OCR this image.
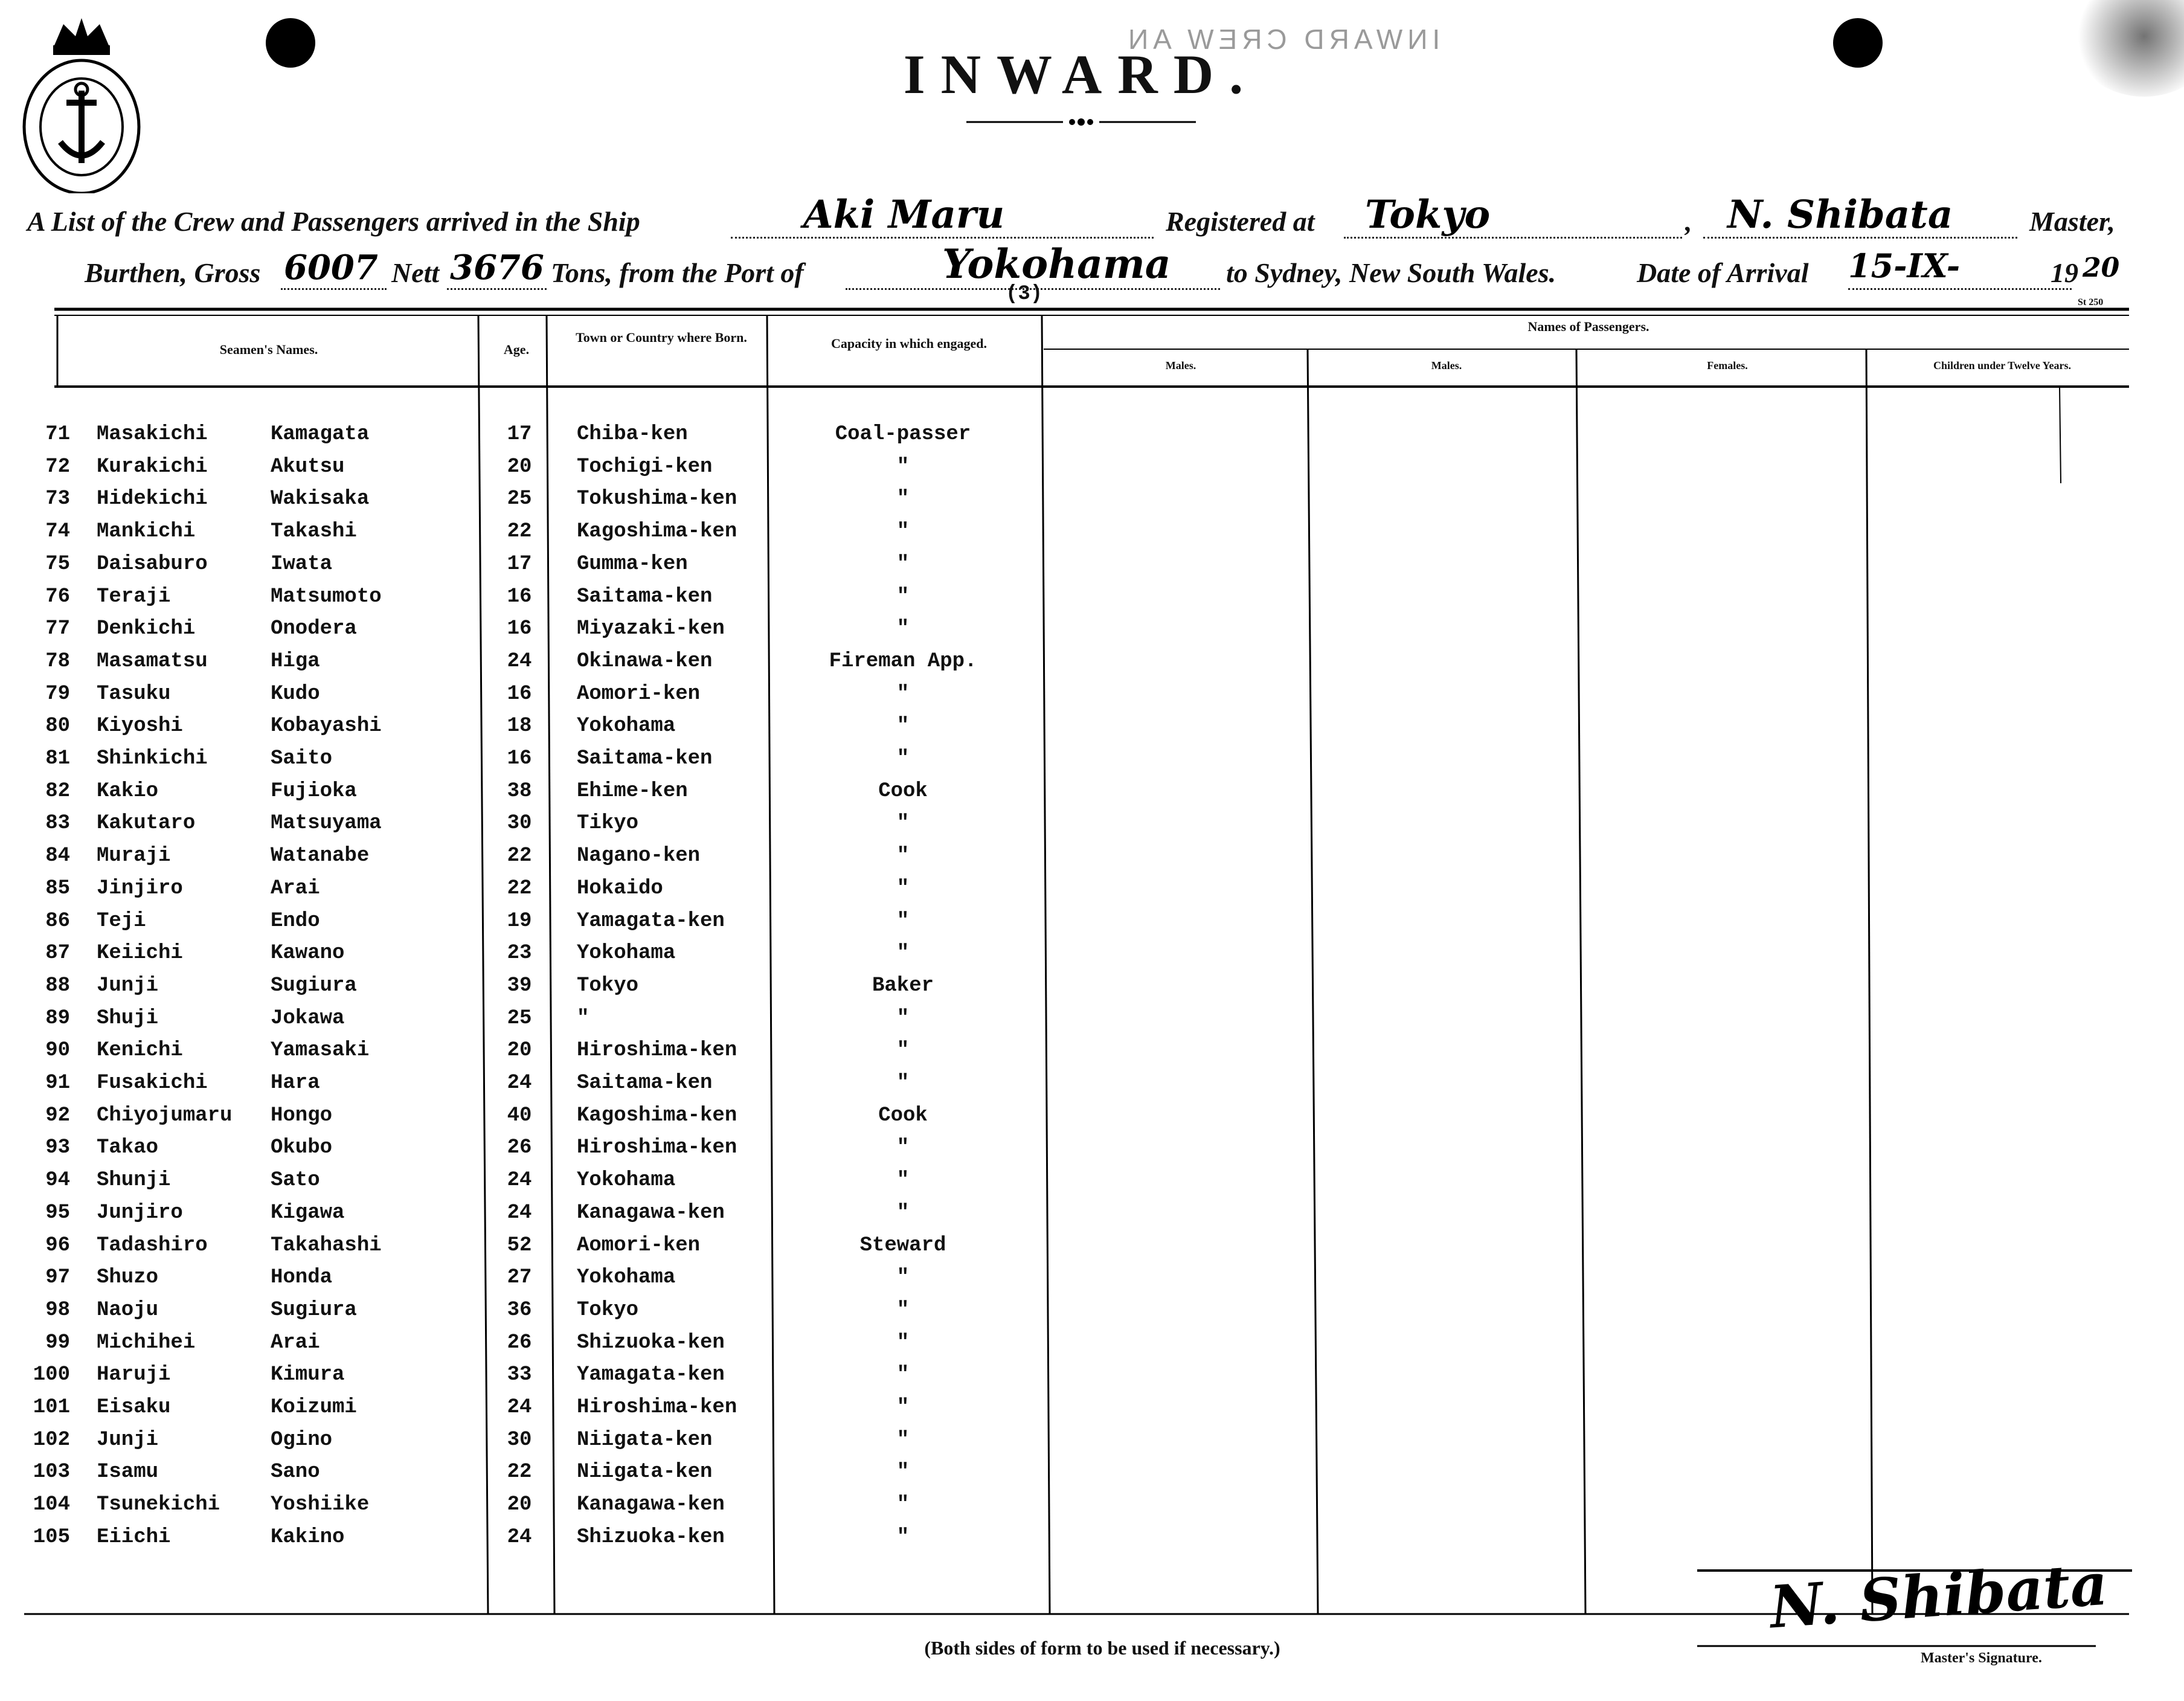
INWARD CREW AN
INWARD.
A List of the Crew and Passengers arrived in the Ship	Aki Maru	Registered at Tokyo	, N. Shibata	Master,
Burthen, Gross 6007 Nett 3676 Tons, from the Port of	Yokohama
(3)
to Sydney, New South Wales.	Date of Arrival 15-IX-	19 20
St 250
Seamen's Names.	Age.
Town or Country where Born.	Capacity in which engaged.
Names of Passengers.
Males.	Males.	Females.	Children under Twelve Years.
71 Masakichi	Kamagata	17	Chiba-ken	Coal-passer
72 Kurakichi	Akutsu	20	Tochigi-ken	"
73 Hidekichi	Wakisaka	25	Tokushima-ken	"
74 Mankichi	Takashi	22	Kagoshima-ken	"
75 Daisaburo	Iwata	17	Gumma-ken	"
76 Teraji	Matsumoto	16	Saitama-ken	"
77 Denkichi	Onodera	16	Miyazaki-ken	"
78 Masamatsu	Higa	24	Okinawa-ken	Fireman App.
79 Tasuku	Kudo	16	Aomori-ken	"
80 Kiyoshi	Kobayashi	18	Yokohama	"
81 Shinkichi	Saito	16	Saitama-ken	"
82 Kakio	Fujioka	38	Ehime-ken	Cook
83 Kakutaro	Matsuyama	30	Tikyo	"
84 Muraji	Watanabe	22	Nagano-ken	"
85 Jinjiro	Arai	22	Hokaido	"
86 Teji	Endo	19	Yamagata-ken	"
87 Keiichi	Kawano	23	Yokohama	"
88 Junji	Sugiura	39	Tokyo	Baker
89 Shuji	Jokawa	25	"	"
90 Kenichi	Yamasaki	20	Hiroshima-ken	"
91 Fusakichi	Hara	24	Saitama-ken	"
92 Chiyojumaru Hongo	40	Kagoshima-ken	Cook
93 Takao	Okubo	26	Hiroshima-ken	"
94 Shunji	Sato	24	Yokohama	"
95 Junjiro	Kigawa	24	Kanagawa-ken	"
96 Tadashiro	Takahashi	52	Aomori-ken	Steward
97 Shuzo	Honda	27	Yokohama	"
98 Naoju	Sugiura	36	Tokyo	"
99 Michihei	Arai	26	Shizuoka-ken	"
100 Haruji	Kimura	33	Yamagata-ken	"
101 Eisaku	Koizumi	24	Hiroshima-ken	"
102 Junji	Ogino	30	Niigata-ken	"
103 Isamu	Sano	22	Niigata-ken	"
104 Tsunekichi Yoshiike	20	Kanagawa-ken	"
105 Eiichi	Kakino	24	Shizuoka-ken	"
(Both sides of form to be used if necessary.)
N. Shibata
Master's Signature.
